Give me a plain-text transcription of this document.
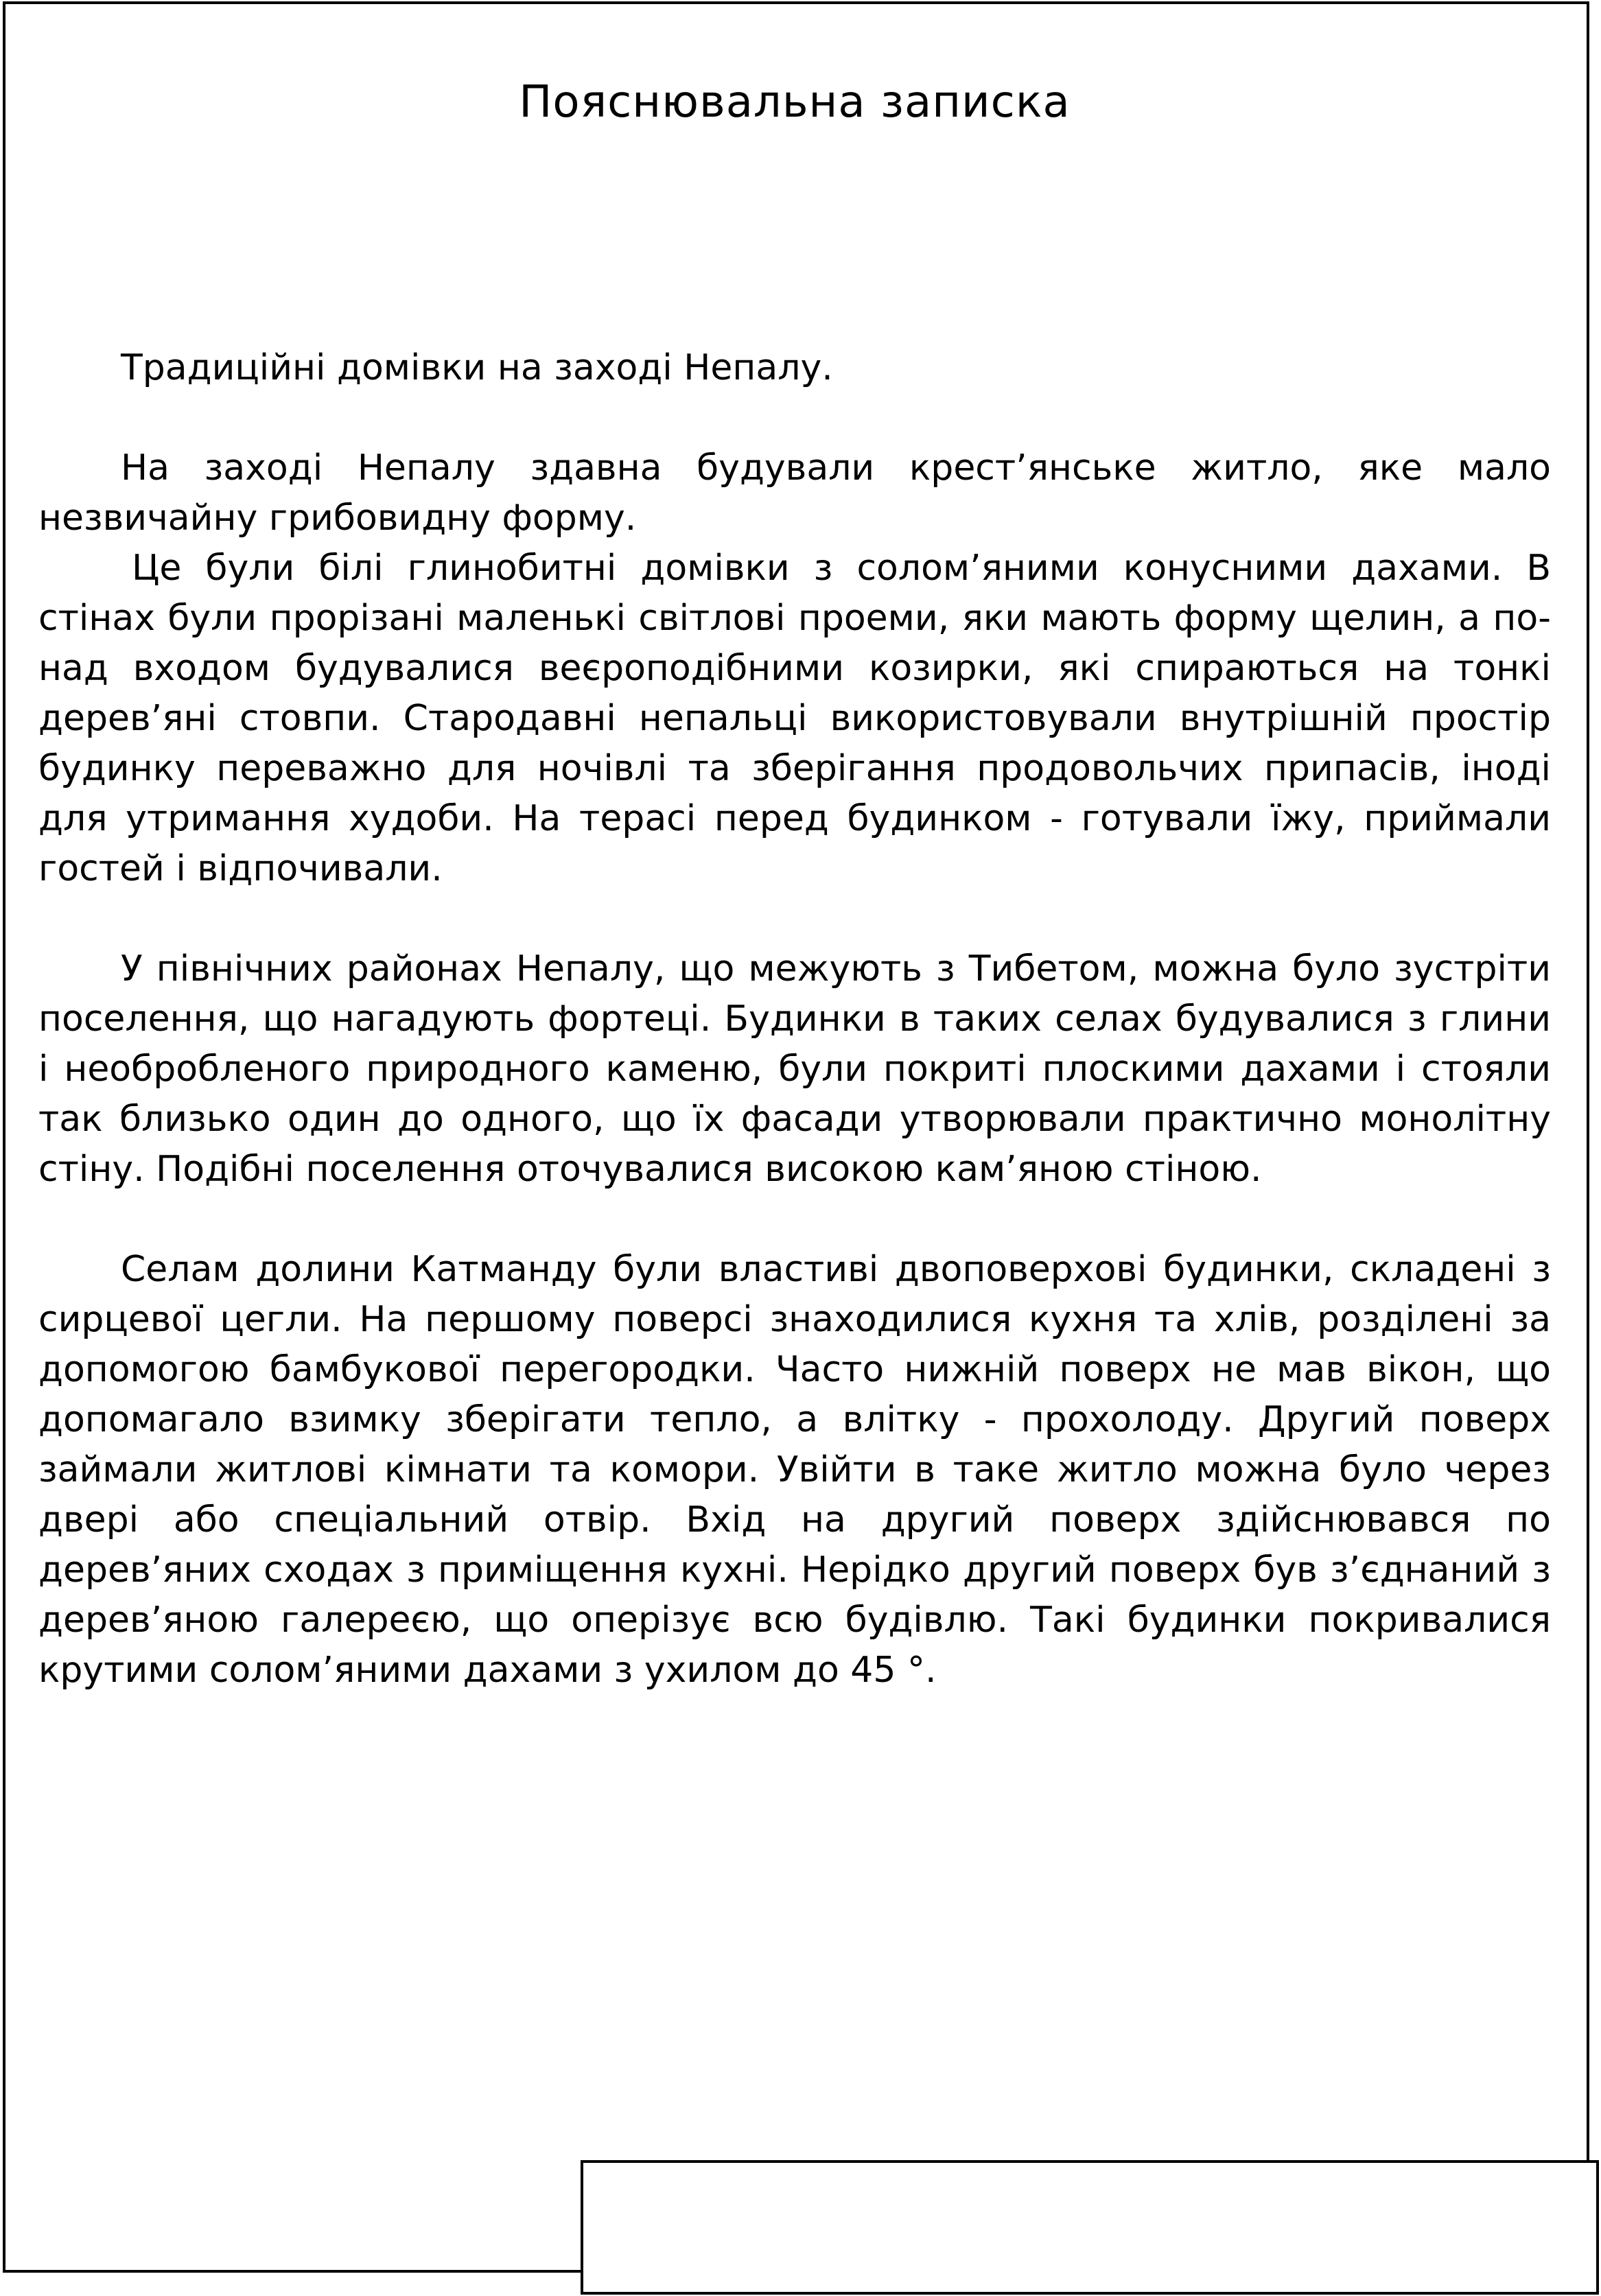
Пояснювальна записка

Традиційні домівки на заході Непалу.

На заході Непалу здавна будували крестʼянське житло, яке мало незвичайну грибовидну форму.

Це були білі глинобитні домівки з соломʼяними конусними дахами. В стінах були прорізані маленькі світлові проеми, яки мають форму щелин, а по-над входом будувалися веєроподібними козирки, які спираються на тонкі деревʼяні стовпи. Стародавні непальці використовували внутрішній простір будинку переважно для ночівлі та зберігання продовольчих припасів, іноді для утримання худоби. На терасі перед будинком - готували їжу, приймали гостей і відпочивали.

У північних районах Непалу, що межують з Тибетом, можна було зустріти поселення, що нагадують фортеці. Будинки в таких селах будувалися з глини і необробленого природного каменю, були покриті плоскими дахами і стояли так близько один до одного, що їх фасади утворювали практично монолітну стіну. Подібні поселення оточувалися високою камʼяною стіною.

Селам долини Катманду були властиві двоповерхові будинки, складені з сирцевої цегли. На першому поверсі знаходилися кухня та хлів, розділені за допомогою бамбукової перегородки. Часто нижній поверх не мав вікон, що допомагало взимку зберігати тепло, а влітку - прохолоду. Другий поверх займали житлові кімнати та комори. Увійти в таке житло можна було через двері або спеціальний отвір. Вхід на другий поверх здійснювався по деревʼяних сходах з приміщення кухні. Нерідко другий поверх був зʼєднаний з деревʼяною галереєю, що оперізує всю будівлю. Такі будинки покривалися крутими соломʼяними дахами з ухилом до 45 °.
